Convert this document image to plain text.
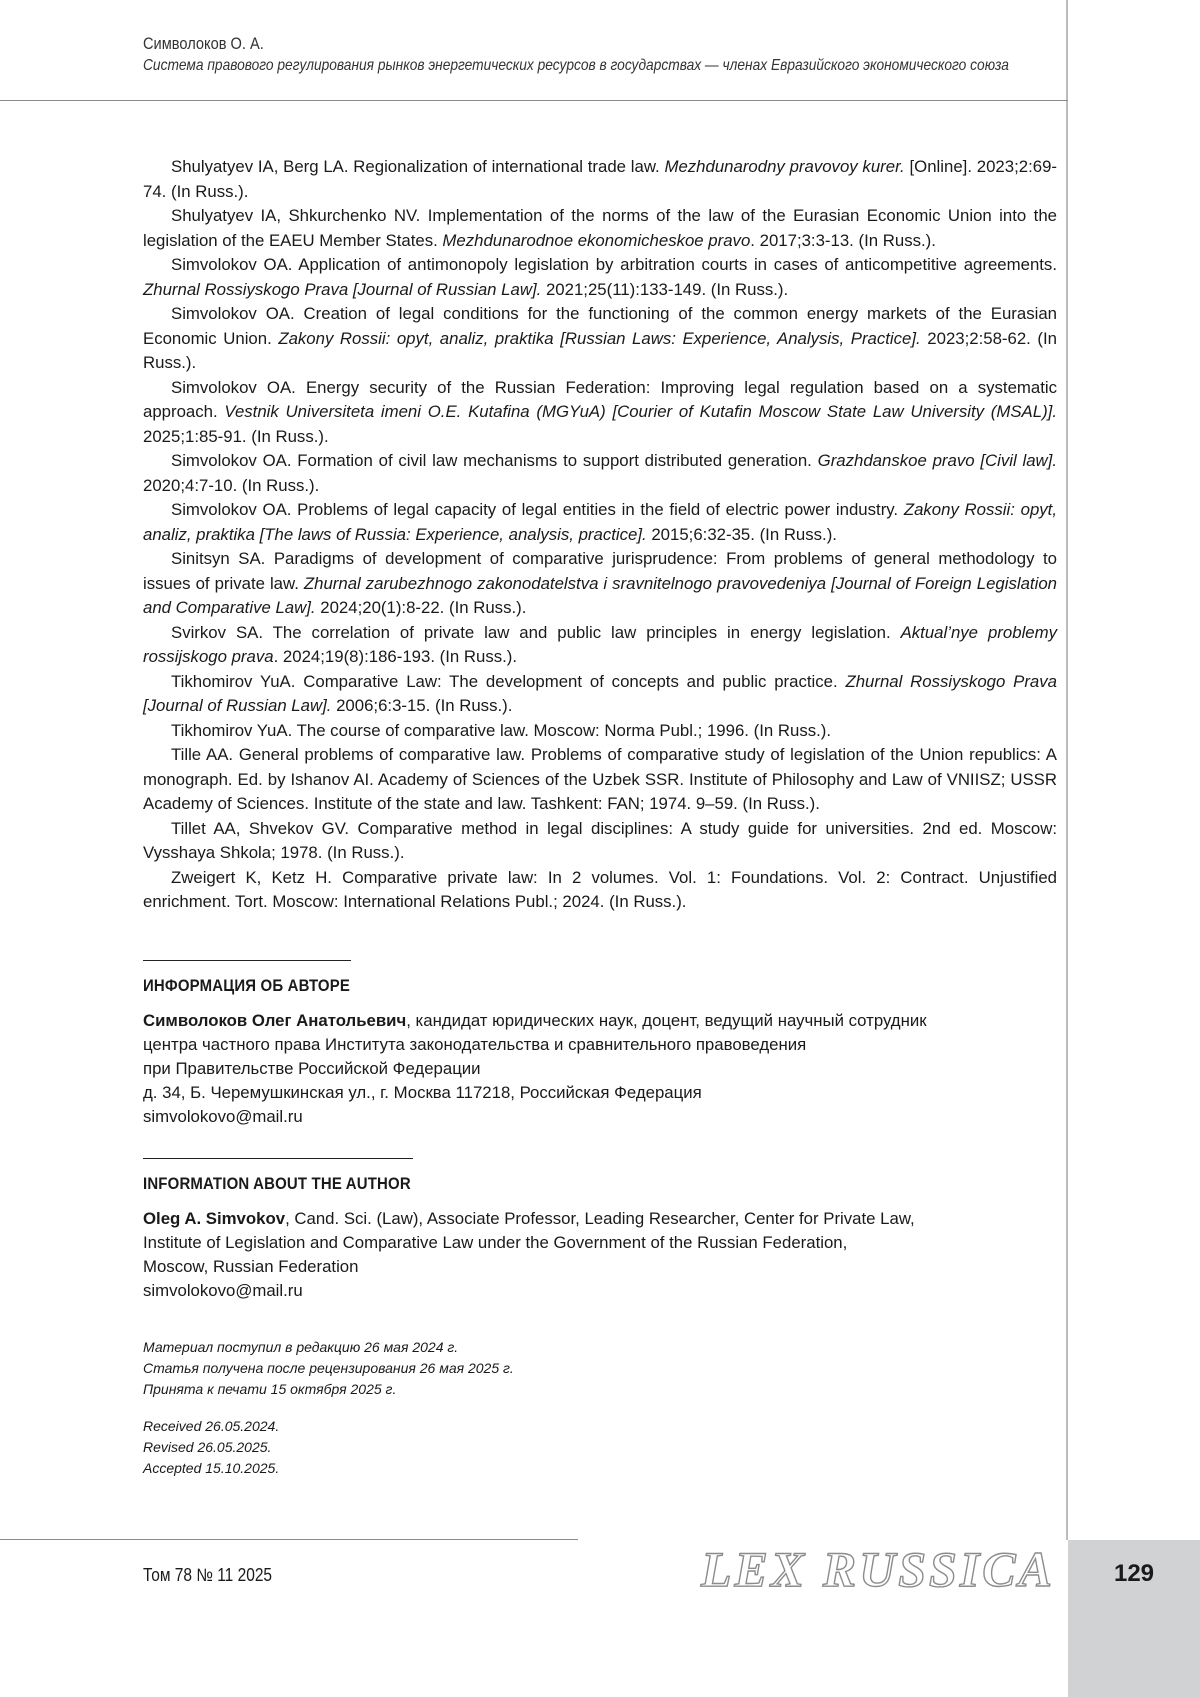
Символоков О. А.
Система правового регулирования рынков энергетических ресурсов в государствах — членах Евразийского экономического союза

Shulyatyev IA, Berg LA. Regionalization of international trade law. Mezhdunarodny pravovoy kurer. [Online]. 2023;2:69-74. (In Russ.).

Shulyatyev IA, Shkurchenko NV. Implementation of the norms of the law of the Eurasian Economic Union into the legislation of the EAEU Member States. Mezhdunarodnoe ekonomicheskoe pravo. 2017;3:3-13. (In Russ.).

Simvolokov OA. Application of antimonopoly legislation by arbitration courts in cases of anticompetitive agreements. Zhurnal Rossiyskogo Prava [Journal of Russian Law]. 2021;25(11):133-149. (In Russ.).

Simvolokov OA. Creation of legal conditions for the functioning of the common energy markets of the Eurasian Economic Union. Zakony Rossii: opyt, analiz, praktika [Russian Laws: Experience, Analysis, Practice]. 2023;2:58-62. (In Russ.).

Simvolokov OA. Energy security of the Russian Federation: Improving legal regulation based on a systematic approach. Vestnik Universiteta imeni O.E. Kutafina (MGYuA) [Courier of Kutafin Moscow State Law University (MSAL)]. 2025;1:85-91. (In Russ.).

Simvolokov OA. Formation of civil law mechanisms to support distributed generation. Grazhdanskoe pravo [Civil law]. 2020;4:7-10. (In Russ.).

Simvolokov OA. Problems of legal capacity of legal entities in the field of electric power industry. Zakony Rossii: opyt, analiz, praktika [The laws of Russia: Experience, analysis, practice]. 2015;6:32-35. (In Russ.).

Sinitsyn SA. Paradigms of development of comparative jurisprudence: From problems of general methodology to issues of private law. Zhurnal zarubezhnogo zakonodatelstva i sravnitelnogo pravovedeniya [Journal of Foreign Legislation and Comparative Law]. 2024;20(1):8-22. (In Russ.).

Svirkov SA. The correlation of private law and public law principles in energy legislation. Aktual’nye problemy rossijskogo prava. 2024;19(8):186-193. (In Russ.).

Tikhomirov YuA. Comparative Law: The development of concepts and public practice. Zhurnal Rossiyskogo Prava [Journal of Russian Law]. 2006;6:3-15. (In Russ.).

Tikhomirov YuA. The course of comparative law. Moscow: Norma Publ.; 1996. (In Russ.).

Tille AA. General problems of comparative law. Problems of comparative study of legislation of the Union republics: A monograph. Ed. by Ishanov AI. Academy of Sciences of the Uzbek SSR. Institute of Philosophy and Law of VNIISZ; USSR Academy of Sciences. Institute of the state and law. Tashkent: FAN; 1974. 9–59. (In Russ.).

Tillet AA, Shvekov GV. Comparative method in legal disciplines: A study guide for universities. 2nd ed. Moscow: Vysshaya Shkola; 1978. (In Russ.).

Zweigert K, Ketz H. Comparative private law: In 2 volumes. Vol. 1: Foundations. Vol. 2: Contract. Unjustified enrichment. Tort. Moscow: International Relations Publ.; 2024. (In Russ.).

ИНФОРМАЦИЯ ОБ АВТОРЕ

Символоков Олег Анатольевич, кандидат юридических наук, доцент, ведущий научный сотрудник

центра частного права Института законодательства и сравнительного правоведения

при Правительстве Российской Федерации

д. 34, Б. Черемушкинская ул., г. Москва 117218, Российская Федерация

simvolokovo@mail.ru

INFORMATION ABOUT THE AUTHOR

Oleg A. Simvokov, Cand. Sci. (Law), Associate Professor, Leading Researcher, Center for Private Law,

Institute of Legislation and Comparative Law under the Government of the Russian Federation,

Moscow, Russian Federation

simvolokovo@mail.ru

Материал поступил в редакцию 26 мая 2024 г.
Статья получена после рецензирования 26 мая 2025 г.
Принята к печати 15 октября 2025 г.
Received 26.05.2024.
Revised 26.05.2025.
Accepted 15.10.2025.
Том 78 № 11 2025	LEX RUSSICA	129
